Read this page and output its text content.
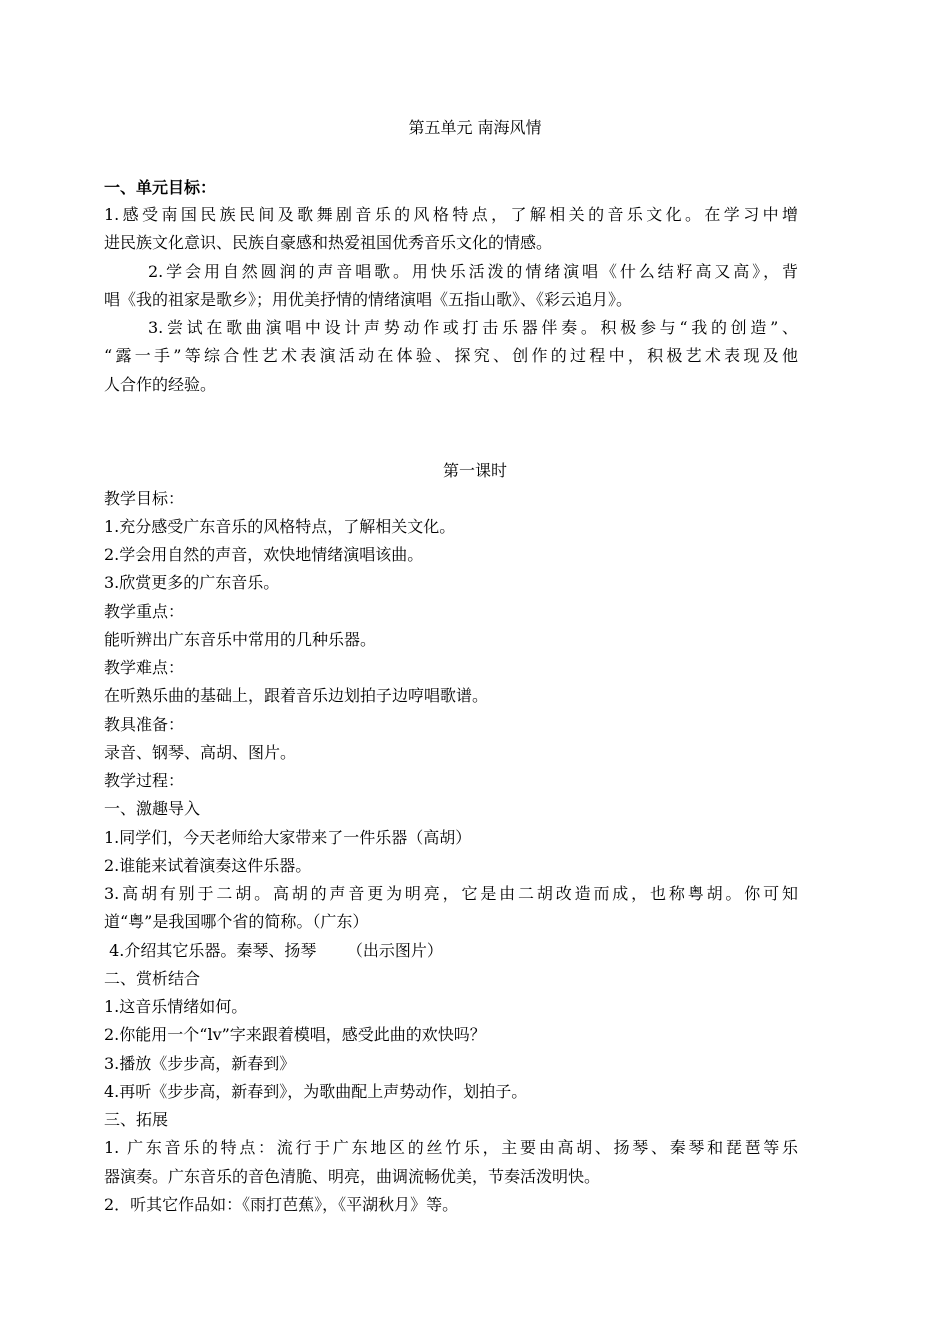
第五单元 南海风情
一、单元目标：
1.感受南国民族民间及歌舞剧音乐的风格特点，了解相关的音乐文化。在学习中增
进民族文化意识、民族自豪感和热爱祖国优秀音乐文化的情感。
2.学会用自然圆润的声音唱歌。用快乐活泼的情绪演唱《什么结籽高又高》，背
唱《我的祖家是歌乡》；用优美抒情的情绪演唱《五指山歌》、《彩云追月》。
3.尝试在歌曲演唱中设计声势动作或打击乐器伴奏。积极参与“我的创造”、
“露一手”等综合性艺术表演活动在体验、探究、创作的过程中，积极艺术表现及他
人合作的经验。
第一课时
教学目标：
1.充分感受广东音乐的风格特点，了解相关文化。
2.学会用自然的声音，欢快地情绪演唱该曲。
3.欣赏更多的广东音乐。
教学重点：
能听辨出广东音乐中常用的几种乐器。
教学难点：
在听熟乐曲的基础上，跟着音乐边划拍子边哼唱歌谱。
教具准备：
录音、钢琴、高胡、图片。
教学过程：
一、激趣导入
1.同学们，今天老师给大家带来了一件乐器（高胡）
2.谁能来试着演奏这件乐器。
3.高胡有别于二胡。高胡的声音更为明亮，它是由二胡改造而成，也称粤胡。你可知
道“粤”是我国哪个省的简称。（广东）
4.介绍其它乐器。秦琴、扬琴      （出示图片）
二、赏析结合
1.这音乐情绪如何。
2.你能用一个“lv”字来跟着模唱，感受此曲的欢快吗？
3.播放《步步高，新春到》
4.再听《步步高，新春到》，为歌曲配上声势动作，划拍子。
三、拓展
1. 广东音乐的特点：流行于广东地区的丝竹乐，主要由高胡、扬琴、秦琴和琵琶等乐
器演奏。广东音乐的音色清脆、明亮，曲调流畅优美，节奏活泼明快。
2．听其它作品如：《雨打芭蕉》，《平湖秋月》等。
